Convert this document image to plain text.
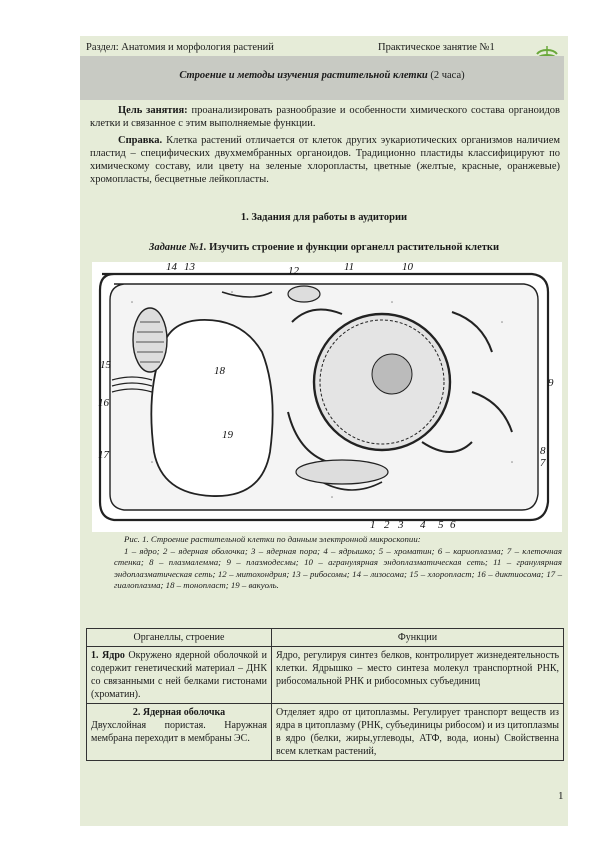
Раздел: Анатомия и морфология растений	Практическое занятие №1
Строение и методы изучения растительной клетки (2 часа)
Цель занятия: проанализировать разнообразие и особенности химического состава органоидов клетки и связанное с этим выполняемые функции.
Справка. Клетка растений отличается от клеток других эукариотических организмов наличием пластид – специфических двухмембранных органоидов. Традиционно пластиды классифицируют по химическому составу, или цвету на зеленые хлоропласты, цветные (желтые, красные, оранжевые) хромопласты, бесцветные лейкопласты.
1. Задания для работы в аудитории
Задание №1. Изучить строение и функции органелл растительной клетки
14 13	12	11	10
15
16
17
18
19
9
8
7
1 2 3 4 5 6
Рис. 1. Строение растительной клетки по данным электронной микроскопии:
1 – ядро; 2 – ядерная оболочка; 3 – ядерная пора; 4 – ядрышко; 5 – хроматин; 6 – кариоплазма; 7 – клеточная стенка; 8 – плазмалемма; 9 – плазмодесмы; 10 – агранулярная эндоплазматическая сеть; 11 – гранулярная эндоплазматическая сеть; 12 – митохондрия; 13 – рибосомы; 14 – лизосома; 15 – хлоропласт; 16 – диктиосома; 17 – гиалоплазма; 18 – тонопласт; 19 – вакуоль.
Органеллы, строение	Функции
1. Ядро Окружено ядерной оболочкой и содержит генетический материал – ДНК со связанными с ней белками гистонами (хроматин).	Ядро, регулируя синтез белков, контролирует жизнедеятельность клетки. Ядрышко – место синтеза молекул транспортной РНК, рибосомальной РНК и рибосомных субъединиц

2. Ядерная оболочка
Двухслойная пористая. Наружная мембрана переходит в мембраны ЭС.	Отделяет ядро от цитоплазмы. Регулирует транспорт веществ из ядра в цитоплазму (РНК, субъединицы рибосом) и из цитоплазмы в ядро (белки, жиры,углеводы, АТФ, вода, ионы) Свойственна всем клеткам растений,
1
